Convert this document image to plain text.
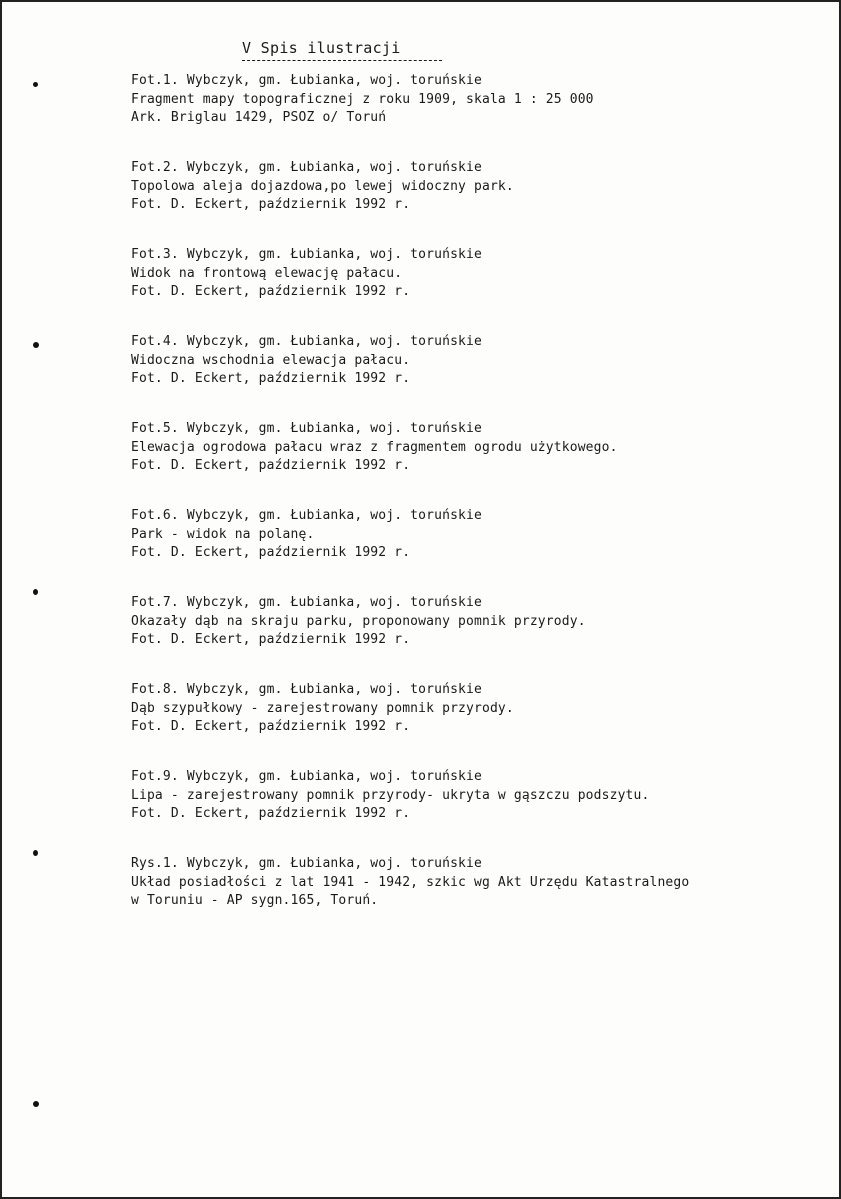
V Spis ilustracji
Fot.1. Wybczyk, gm. Łubianka, woj. toruńskie
Fragment mapy topograficznej z roku 1909, skala 1 : 25 000
Ark. Briglau 1429, PSOZ o/ Toruń
Fot.2. Wybczyk, gm. Łubianka, woj. toruńskie
Topolowa aleja dojazdowa,po lewej widoczny park.
Fot. D. Eckert, październik 1992 r.
Fot.3. Wybczyk, gm. Łubianka, woj. toruńskie
Widok na frontową elewację pałacu.
Fot. D. Eckert, październik 1992 r.
Fot.4. Wybczyk, gm. Łubianka, woj. toruńskie
Widoczna wschodnia elewacja pałacu.
Fot. D. Eckert, październik 1992 r.
Fot.5. Wybczyk, gm. Łubianka, woj. toruńskie
Elewacja ogrodowa pałacu wraz z fragmentem ogrodu użytkowego.
Fot. D. Eckert, październik 1992 r.
Fot.6. Wybczyk, gm. Łubianka, woj. toruńskie
Park - widok na polanę.
Fot. D. Eckert, październik 1992 r.
Fot.7. Wybczyk, gm. Łubianka, woj. toruńskie
Okazały dąb na skraju parku, proponowany pomnik przyrody.
Fot. D. Eckert, październik 1992 r.
Fot.8. Wybczyk, gm. Łubianka, woj. toruńskie
Dąb szypułkowy - zarejestrowany pomnik przyrody.
Fot. D. Eckert, październik 1992 r.
Fot.9. Wybczyk, gm. Łubianka, woj. toruńskie
Lipa - zarejestrowany pomnik przyrody- ukryta w gąszczu podszytu.
Fot. D. Eckert, październik 1992 r.
Rys.1. Wybczyk, gm. Łubianka, woj. toruńskie
Układ posiadłości z lat 1941 - 1942, szkic wg Akt Urzędu Katastralnego
w Toruniu - AP sygn.165, Toruń.
